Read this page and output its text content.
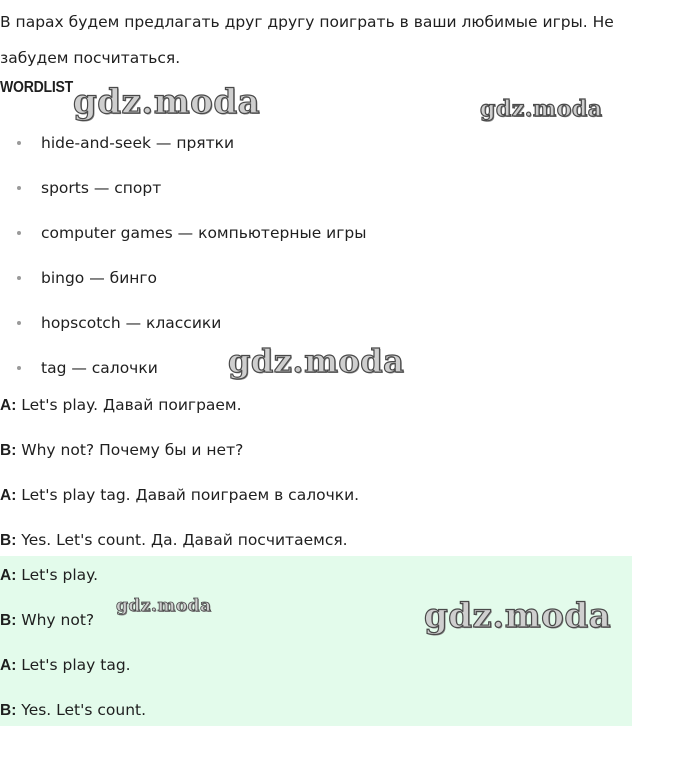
В парах будем предлагать друг другу поиграть в ваши любимые игры. Не забудем посчитаться.

WORDLIST

hide-and-seek — прятки
sports — спорт
computer games — компьютерные игры
bingo — бинго
hopscotch — классики
tag — салочки
A: Let's play. Давай поиграем.
B: Why not? Почему бы и нет?
A: Let's play tag. Давай поиграем в салочки.
B: Yes. Let's count. Да. Давай посчитаемся.
A: Let's play.
B: Why not?
A: Let's play tag.
B: Yes. Let's count.
gdz.moda	gdz.moda
gdz.moda
gdz.moda	gdz.moda
